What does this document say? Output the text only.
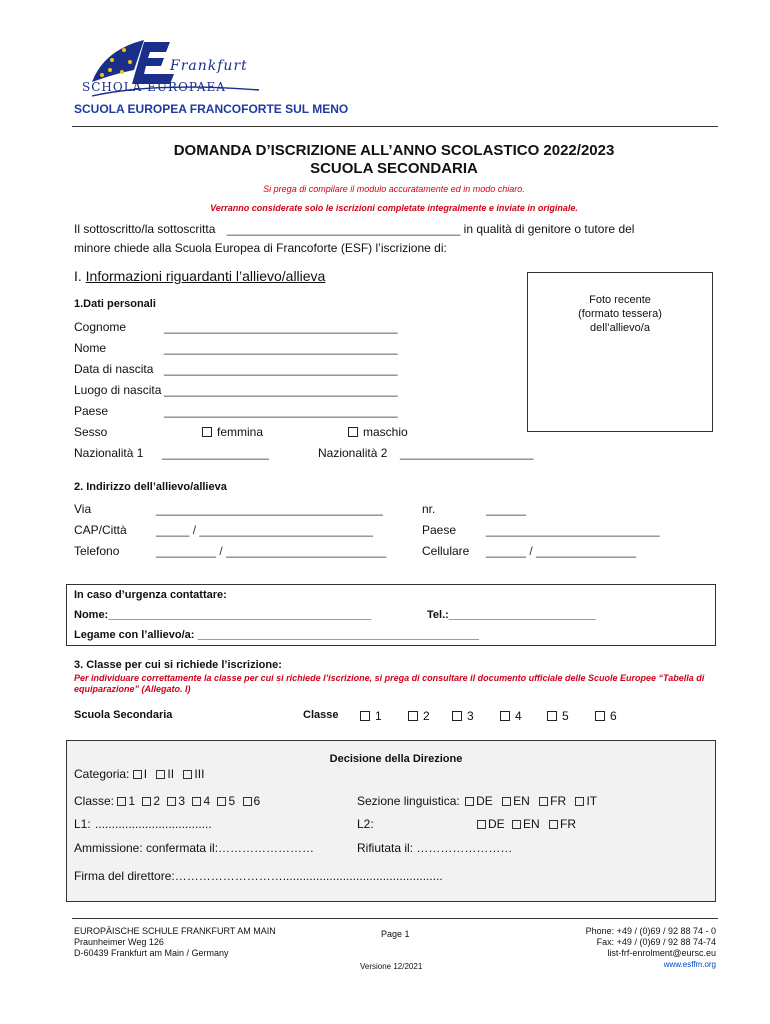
Frankfurt
SCHOLA EUROPAEA
SCUOLA EUROPEA FRANCOFORTE SUL MENO
DOMANDA D’ISCRIZIONE ALL’ANNO SCOLASTICO 2022/2023
SCUOLA SECONDARIA
Si prega di compilare il modulo accuratamente ed in modo chiaro.
Verranno considerate solo le iscrizioni completate integralmente e inviate in originale.
Il sottoscritto/la sottoscritta ___________________________________ in qualità di genitore o tutore del
minore chiede alla Scuola Europea di Francoforte (ESF) l’iscrizione di:
I. Informazioni riguardanti l’allievo/allieva
Foto recente
(formato tessera)
dell’allievo/a
1.Dati personali
Cognome	___________________________________
Nome	___________________________________
Data di nascita ___________________________________
Luogo di nascita ___________________________________
Paese	___________________________________
Sesso	femmina	maschio
Nazionalità 1 ________________	Nazionalità 2 ____________________
2. Indirizzo dell’allievo/allieva
Via	__________________________________	nr.	______
CAP/Città _____ / __________________________	Paese __________________________
Telefono	_________ / ________________________	Cellulare ______ / _______________
In caso d’urgenza contattare:
Nome:___________________________________________	Tel.:________________________
Legame con l’allievo/a: ______________________________________________
3. Classe per cui si richiede l’iscrizione:
Per individuare correttamente la classe per cui si richiede l’iscrizione, si prega di consultare il documento ufficiale delle Scuole Europee “Tabella di equiparazione” (Allegato. I)
Scuola Secondaria	Classe	1	2	3	4	5	6
Decisione della Direzione
Categoria: I II III
Classe: 1 2 3 4 5 6	Sezione linguistica: DE EN FR IT
L1: ...................................	L2:	DE EN FR
Ammissione: confermata il:……………………	Rifiutata il: ……………………
Firma del direttore:………………………................................................
EUROPÄISCHE SCHULE FRANKFURT AM MAIN
Praunheimer Weg 126
D-60439 Frankfurt am Main / Germany
Page 1
Versione 12/2021
Phone: +49 / (0)69 / 92 88 74 - 0
Fax: +49 / (0)69 / 92 88 74-74
list-frf-enrolment@eursc.eu
www.esffm.org
